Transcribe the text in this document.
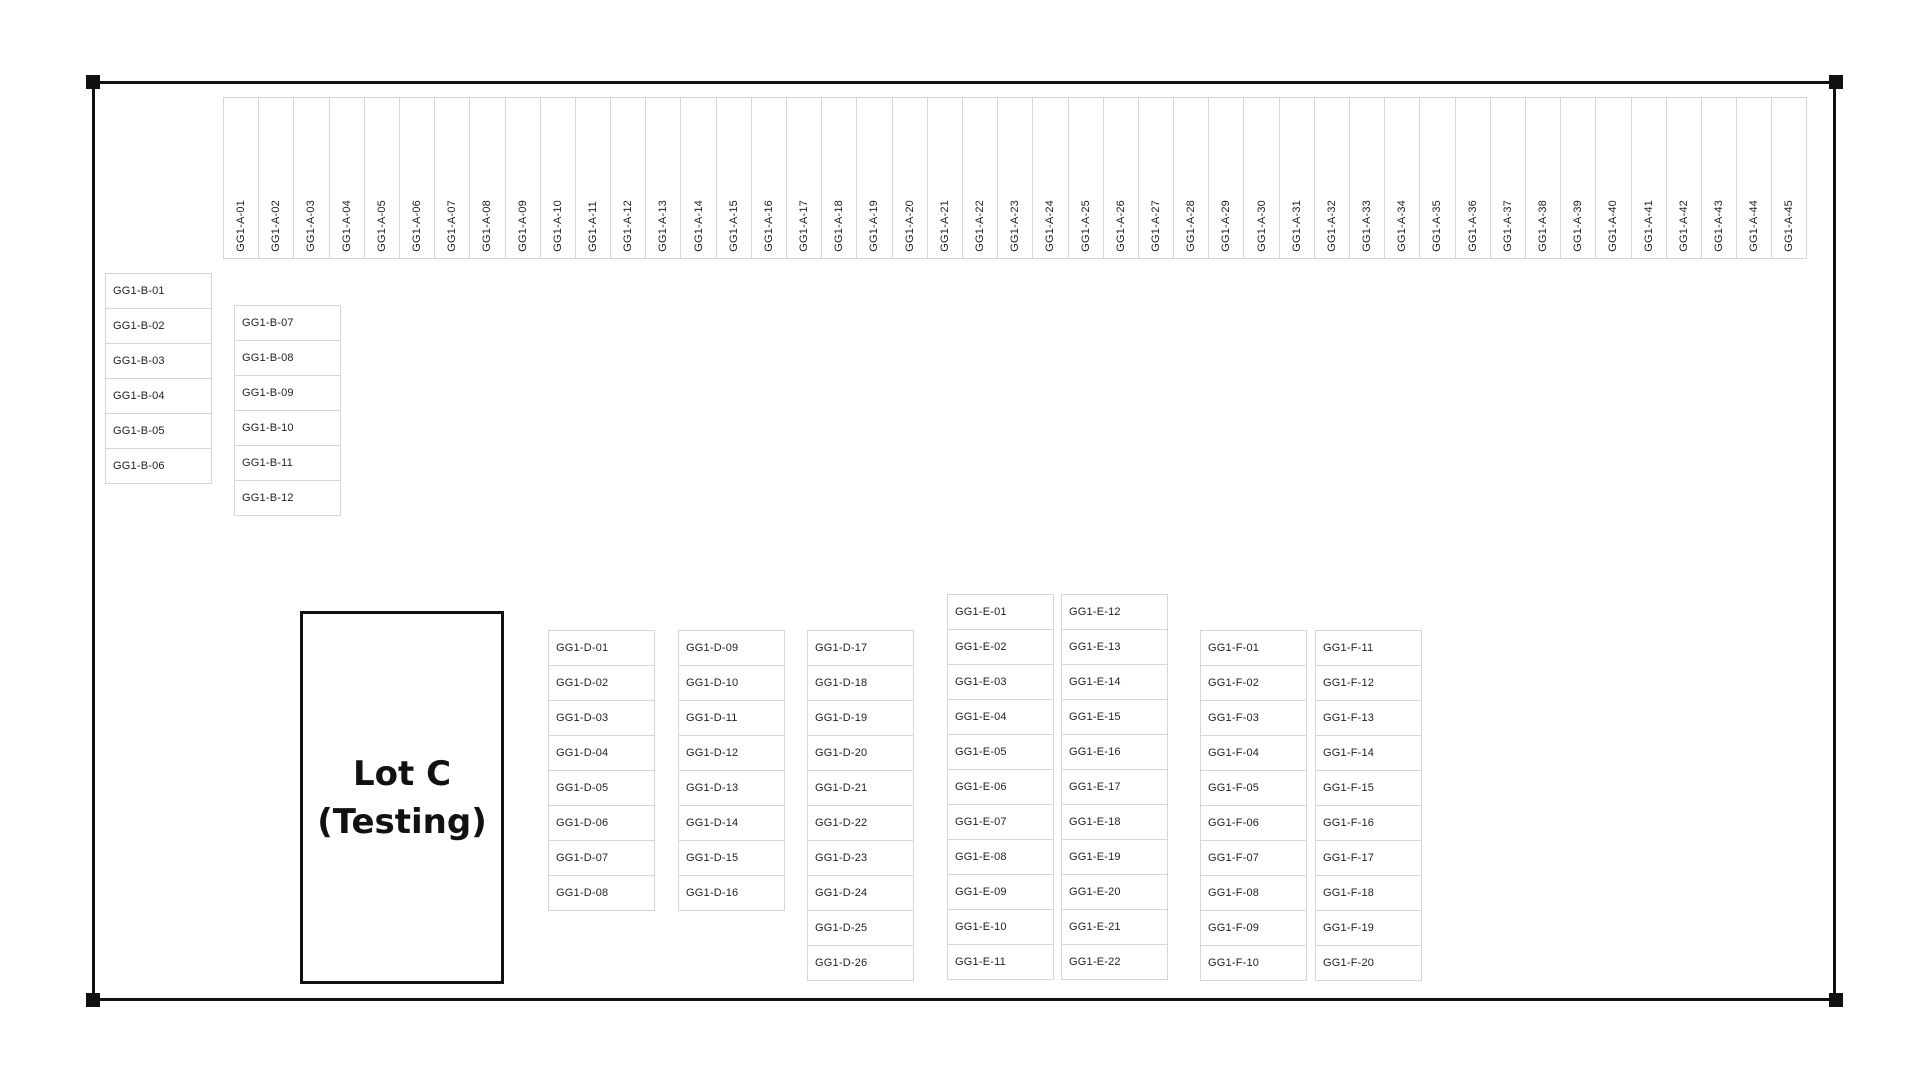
Lot C
(Testing)
GG1-A-01 GG1-A-02 GG1-A-03 GG1-A-04 GG1-A-05 GG1-A-06 GG1-A-07 GG1-A-08 GG1-A-09 GG1-A-10 GG1-A-11 GG1-A-12 GG1-A-13 GG1-A-14 GG1-A-15 GG1-A-16 GG1-A-17 GG1-A-18 GG1-A-19 GG1-A-20 GG1-A-21 GG1-A-22 GG1-A-23 GG1-A-24 GG1-A-25 GG1-A-26 GG1-A-27 GG1-A-28 GG1-A-29 GG1-A-30 GG1-A-31 GG1-A-32 GG1-A-33 GG1-A-34 GG1-A-35 GG1-A-36 GG1-A-37 GG1-A-38 GG1-A-39 GG1-A-40 GG1-A-41 GG1-A-42 GG1-A-43 GG1-A-44 GG1-A-45
GG1-B-01
GG1-B-02
GG1-B-03
GG1-B-04
GG1-B-05
GG1-B-06
GG1-B-07
GG1-B-08
GG1-B-09
GG1-B-10
GG1-B-11
GG1-B-12
GG1-D-01
GG1-D-02
GG1-D-03
GG1-D-04
GG1-D-05
GG1-D-06
GG1-D-07
GG1-D-08
GG1-D-09
GG1-D-10
GG1-D-11
GG1-D-12
GG1-D-13
GG1-D-14
GG1-D-15
GG1-D-16
GG1-D-17
GG1-D-18
GG1-D-19
GG1-D-20
GG1-D-21
GG1-D-22
GG1-D-23
GG1-D-24
GG1-D-25
GG1-D-26
GG1-E-01
GG1-E-02
GG1-E-03
GG1-E-04
GG1-E-05
GG1-E-06
GG1-E-07
GG1-E-08
GG1-E-09
GG1-E-10
GG1-E-11
GG1-E-12
GG1-E-13
GG1-E-14
GG1-E-15
GG1-E-16
GG1-E-17
GG1-E-18
GG1-E-19
GG1-E-20
GG1-E-21
GG1-E-22
GG1-F-01
GG1-F-02
GG1-F-03
GG1-F-04
GG1-F-05
GG1-F-06
GG1-F-07
GG1-F-08
GG1-F-09
GG1-F-10
GG1-F-11
GG1-F-12
GG1-F-13
GG1-F-14
GG1-F-15
GG1-F-16
GG1-F-17
GG1-F-18
GG1-F-19
GG1-F-20
